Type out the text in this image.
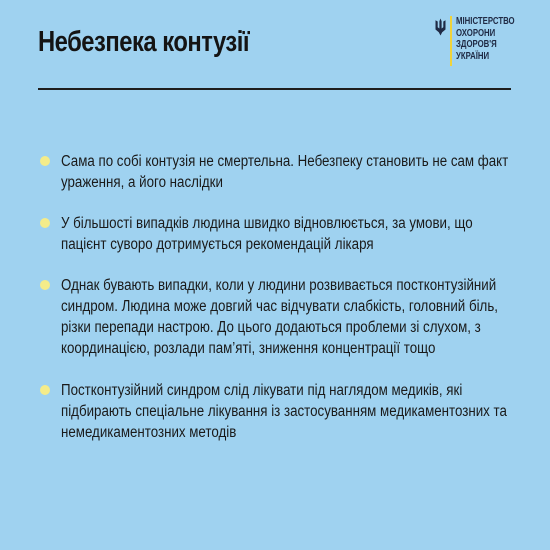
Небезпека контузії
МІНІСТЕРСТВО
ОХОРОНИ
ЗДОРОВ'Я
УКРАЇНИ
Сама по собі контузія не смертельна. Небезпеку становить не сам факт ураження, а його наслідки
У більшості випадків людина швидко відновлюється, за умови, що пацієнт суворо дотримується рекомендацій лікаря
Однак бувають випадки, коли у людини розвивається постконтузійний синдром. Людина може довгий час відчувати слабкість, головний біль, різки перепади настрою. До цього додаються проблеми зі слухом, з координацією, розлади пам’яті, зниження концентрації тощо
Постконтузійний синдром слід лікувати під наглядом медиків, які підбирають спеціальне лікування із застосуванням медикаментозних та немедикаментозних методів
